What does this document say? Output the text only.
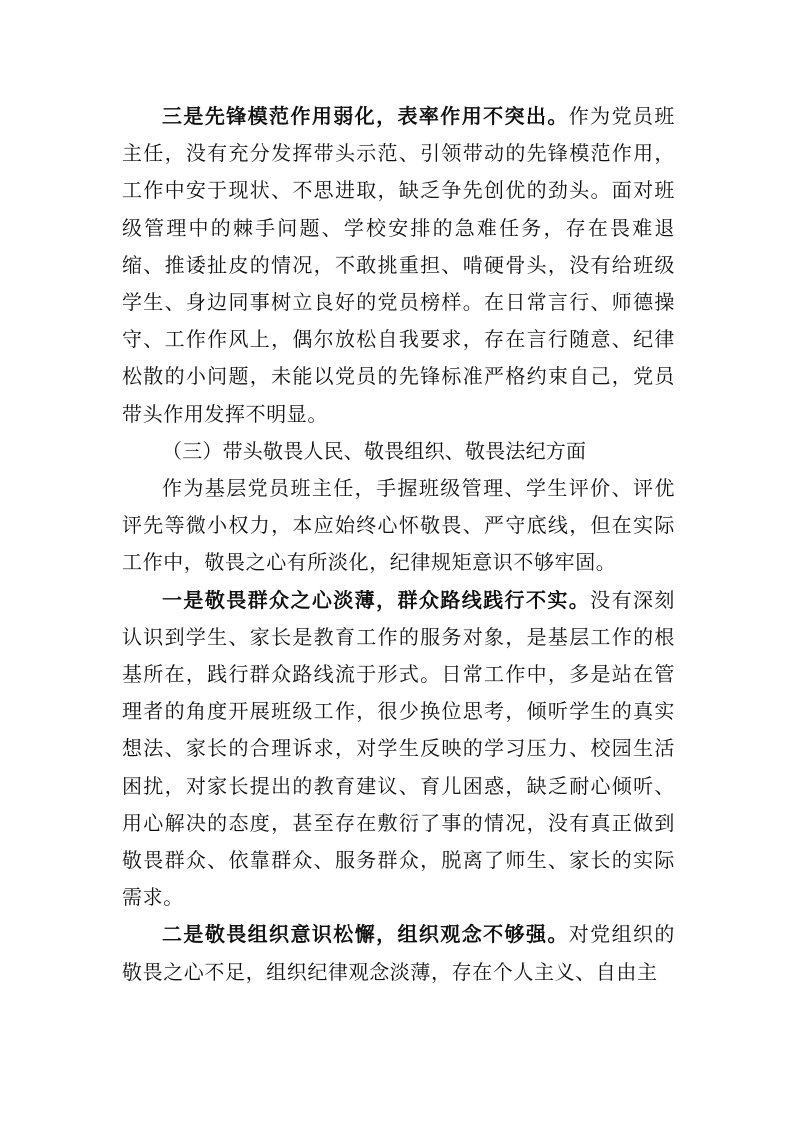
三是先锋模范作用弱化，表率作用不突出。作为党员班主任，没有充分发挥带头示范、引领带动的先锋模范作用，工作中安于现状、不思进取，缺乏争先创优的劲头。面对班级管理中的棘手问题、学校安排的急难任务，存在畏难退缩、推诿扯皮的情况，不敢挑重担、啃硬骨头，没有给班级学生、身边同事树立良好的党员榜样。在日常言行、师德操守、工作作风上，偶尔放松自我要求，存在言行随意、纪律松散的小问题，未能以党员的先锋标准严格约束自己，党员带头作用发挥不明显。

（三）带头敬畏人民、敬畏组织、敬畏法纪方面

作为基层党员班主任，手握班级管理、学生评价、评优评先等微小权力，本应始终心怀敬畏、严守底线，但在实际工作中，敬畏之心有所淡化，纪律规矩意识不够牢固。

一是敬畏群众之心淡薄，群众路线践行不实。没有深刻认识到学生、家长是教育工作的服务对象，是基层工作的根基所在，践行群众路线流于形式。日常工作中，多是站在管理者的角度开展班级工作，很少换位思考，倾听学生的真实想法、家长的合理诉求，对学生反映的学习压力、校园生活困扰，对家长提出的教育建议、育儿困惑，缺乏耐心倾听、用心解决的态度，甚至存在敷衍了事的情况，没有真正做到敬畏群众、依靠群众、服务群众，脱离了师生、家长的实际需求。

二是敬畏组织意识松懈，组织观念不够强。对党组织的敬畏之心不足，组织纪律观念淡薄，存在个人主义、自由主
